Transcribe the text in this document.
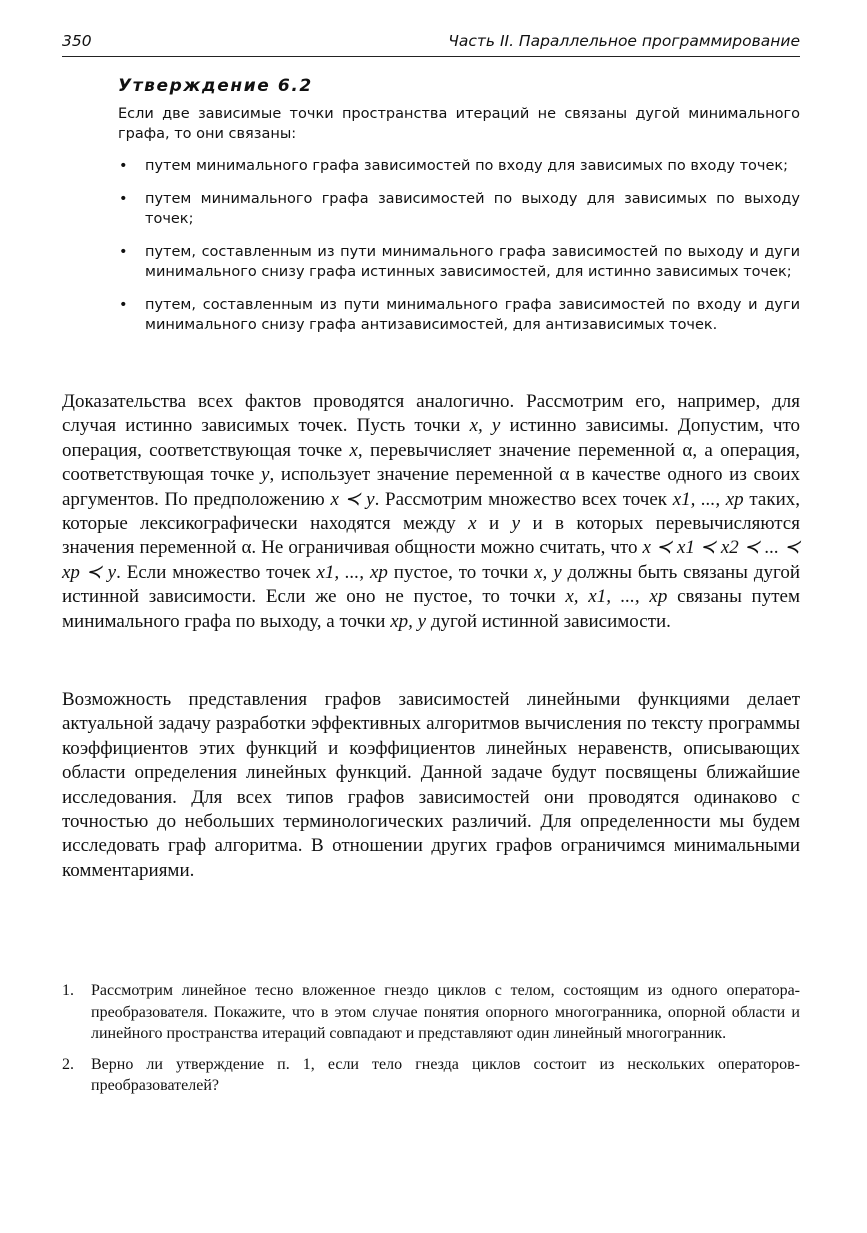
350	Часть II. Параллельное программирование
Утверждение 6.2

Если две зависимые точки пространства итераций не связаны дугой минимального графа, то они связаны:

• путем минимального графа зависимостей по входу для зависимых по входу точек;
• путем минимального графа зависимостей по выходу для зависимых по выходу точек;
• путем, составленным из пути минимального графа зависимостей по выходу и дуги минимального снизу графа истинных зависимостей, для истинно зависимых точек;
• путем, составленным из пути минимального графа зависимостей по входу и дуги минимального снизу графа антизависимостей, для антизависимых точек.

Доказательства всех фактов проводятся аналогично. Рассмотрим его, например, для случая истинно зависимых точек. Пусть точки x, y истинно зависимы. Допустим, что операция, соответствующая точке x, перевычисляет значение переменной α, а операция, соответствующая точке y, использует значение переменной α в качестве одного из своих аргументов. По предположению x ≺ y. Рассмотрим множество всех точек x1, ..., xp таких, которые лексикографически находятся между x и y и в которых перевычисляются значения переменной α. Не ограничивая общности можно считать, что x ≺ x1 ≺ x2 ≺ ... ≺ xp ≺ y. Если множество точек x1, ..., xp пустое, то точки x, y должны быть связаны дугой истинной зависимости. Если же оно не пустое, то точки x, x1, ..., xp связаны путем минимального графа по выходу, а точки xp, y дугой истинной зависимости.

Возможность представления графов зависимостей линейными функциями делает актуальной задачу разработки эффективных алгоритмов вычисления по тексту программы коэффициентов этих функций и коэффициентов линейных неравенств, описывающих области определения линейных функций. Данной задаче будут посвящены ближайшие исследования. Для всех типов графов зависимостей они проводятся одинаково с точностью до небольших терминологических различий. Для определенности мы будем исследовать граф алгоритма. В отношении других графов ограничимся минимальными комментариями.

1. Рассмотрим линейное тесно вложенное гнездо циклов с телом, состоящим из одного оператора-преобразователя. Покажите, что в этом случае понятия опорного многогранника, опорной области и линейного пространства итераций совпадают и представляют один линейный многогранник.
2. Верно ли утверждение п. 1, если тело гнезда циклов состоит из нескольких операторов-преобразователей?
